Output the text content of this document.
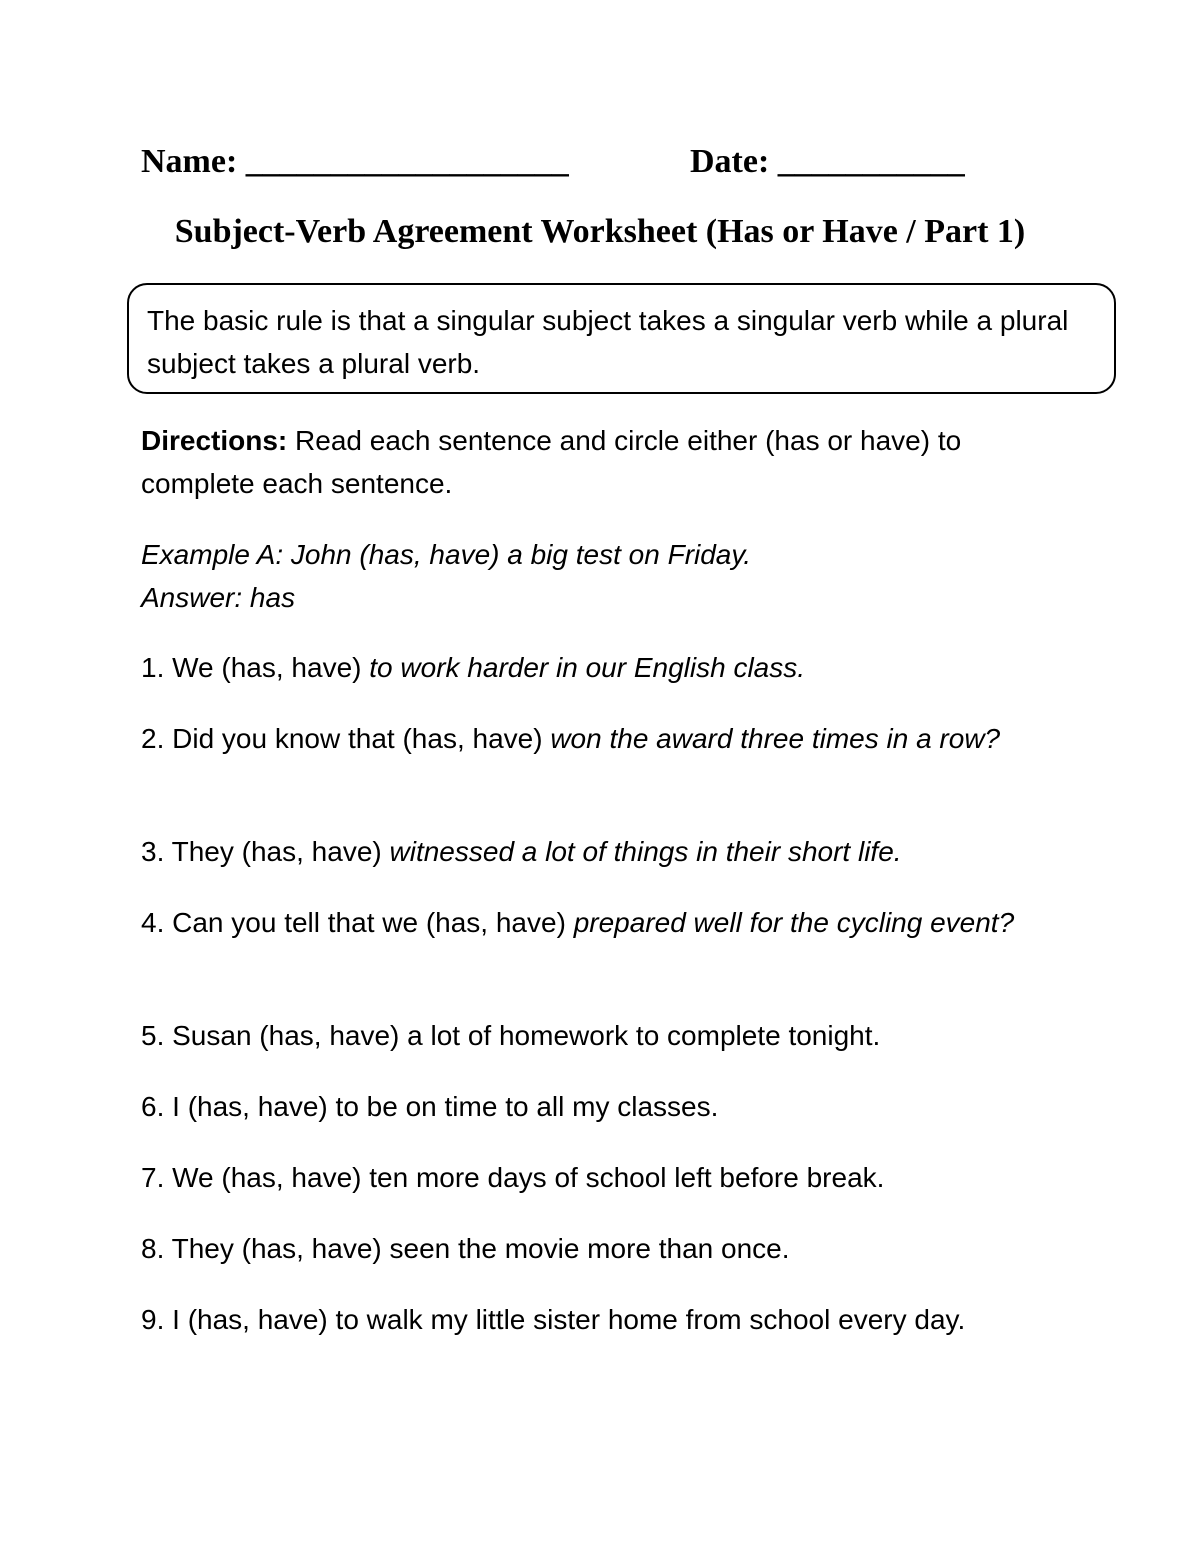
Name: ___________________	Date: ___________
Subject-Verb Agreement Worksheet (Has or Have / Part 1)
The basic rule is that a singular subject takes a singular verb while a plural subject takes a plural verb.
Directions: Read each sentence and circle either (has or have) to complete each sentence.
Example A: John (has, have) a big test on Friday.
Answer: has
1. We (has, have) to work harder in our English class.
2. Did you know that (has, have) won the award three times in a row?
3. They (has, have) witnessed a lot of things in their short life.
4. Can you tell that we (has, have) prepared well for the cycling event?
5. Susan (has, have) a lot of homework to complete tonight.
6. I (has, have) to be on time to all my classes.
7. We (has, have) ten more days of school left before break.
8. They (has, have) seen the movie more than once.
9. I (has, have) to walk my little sister home from school every day.
